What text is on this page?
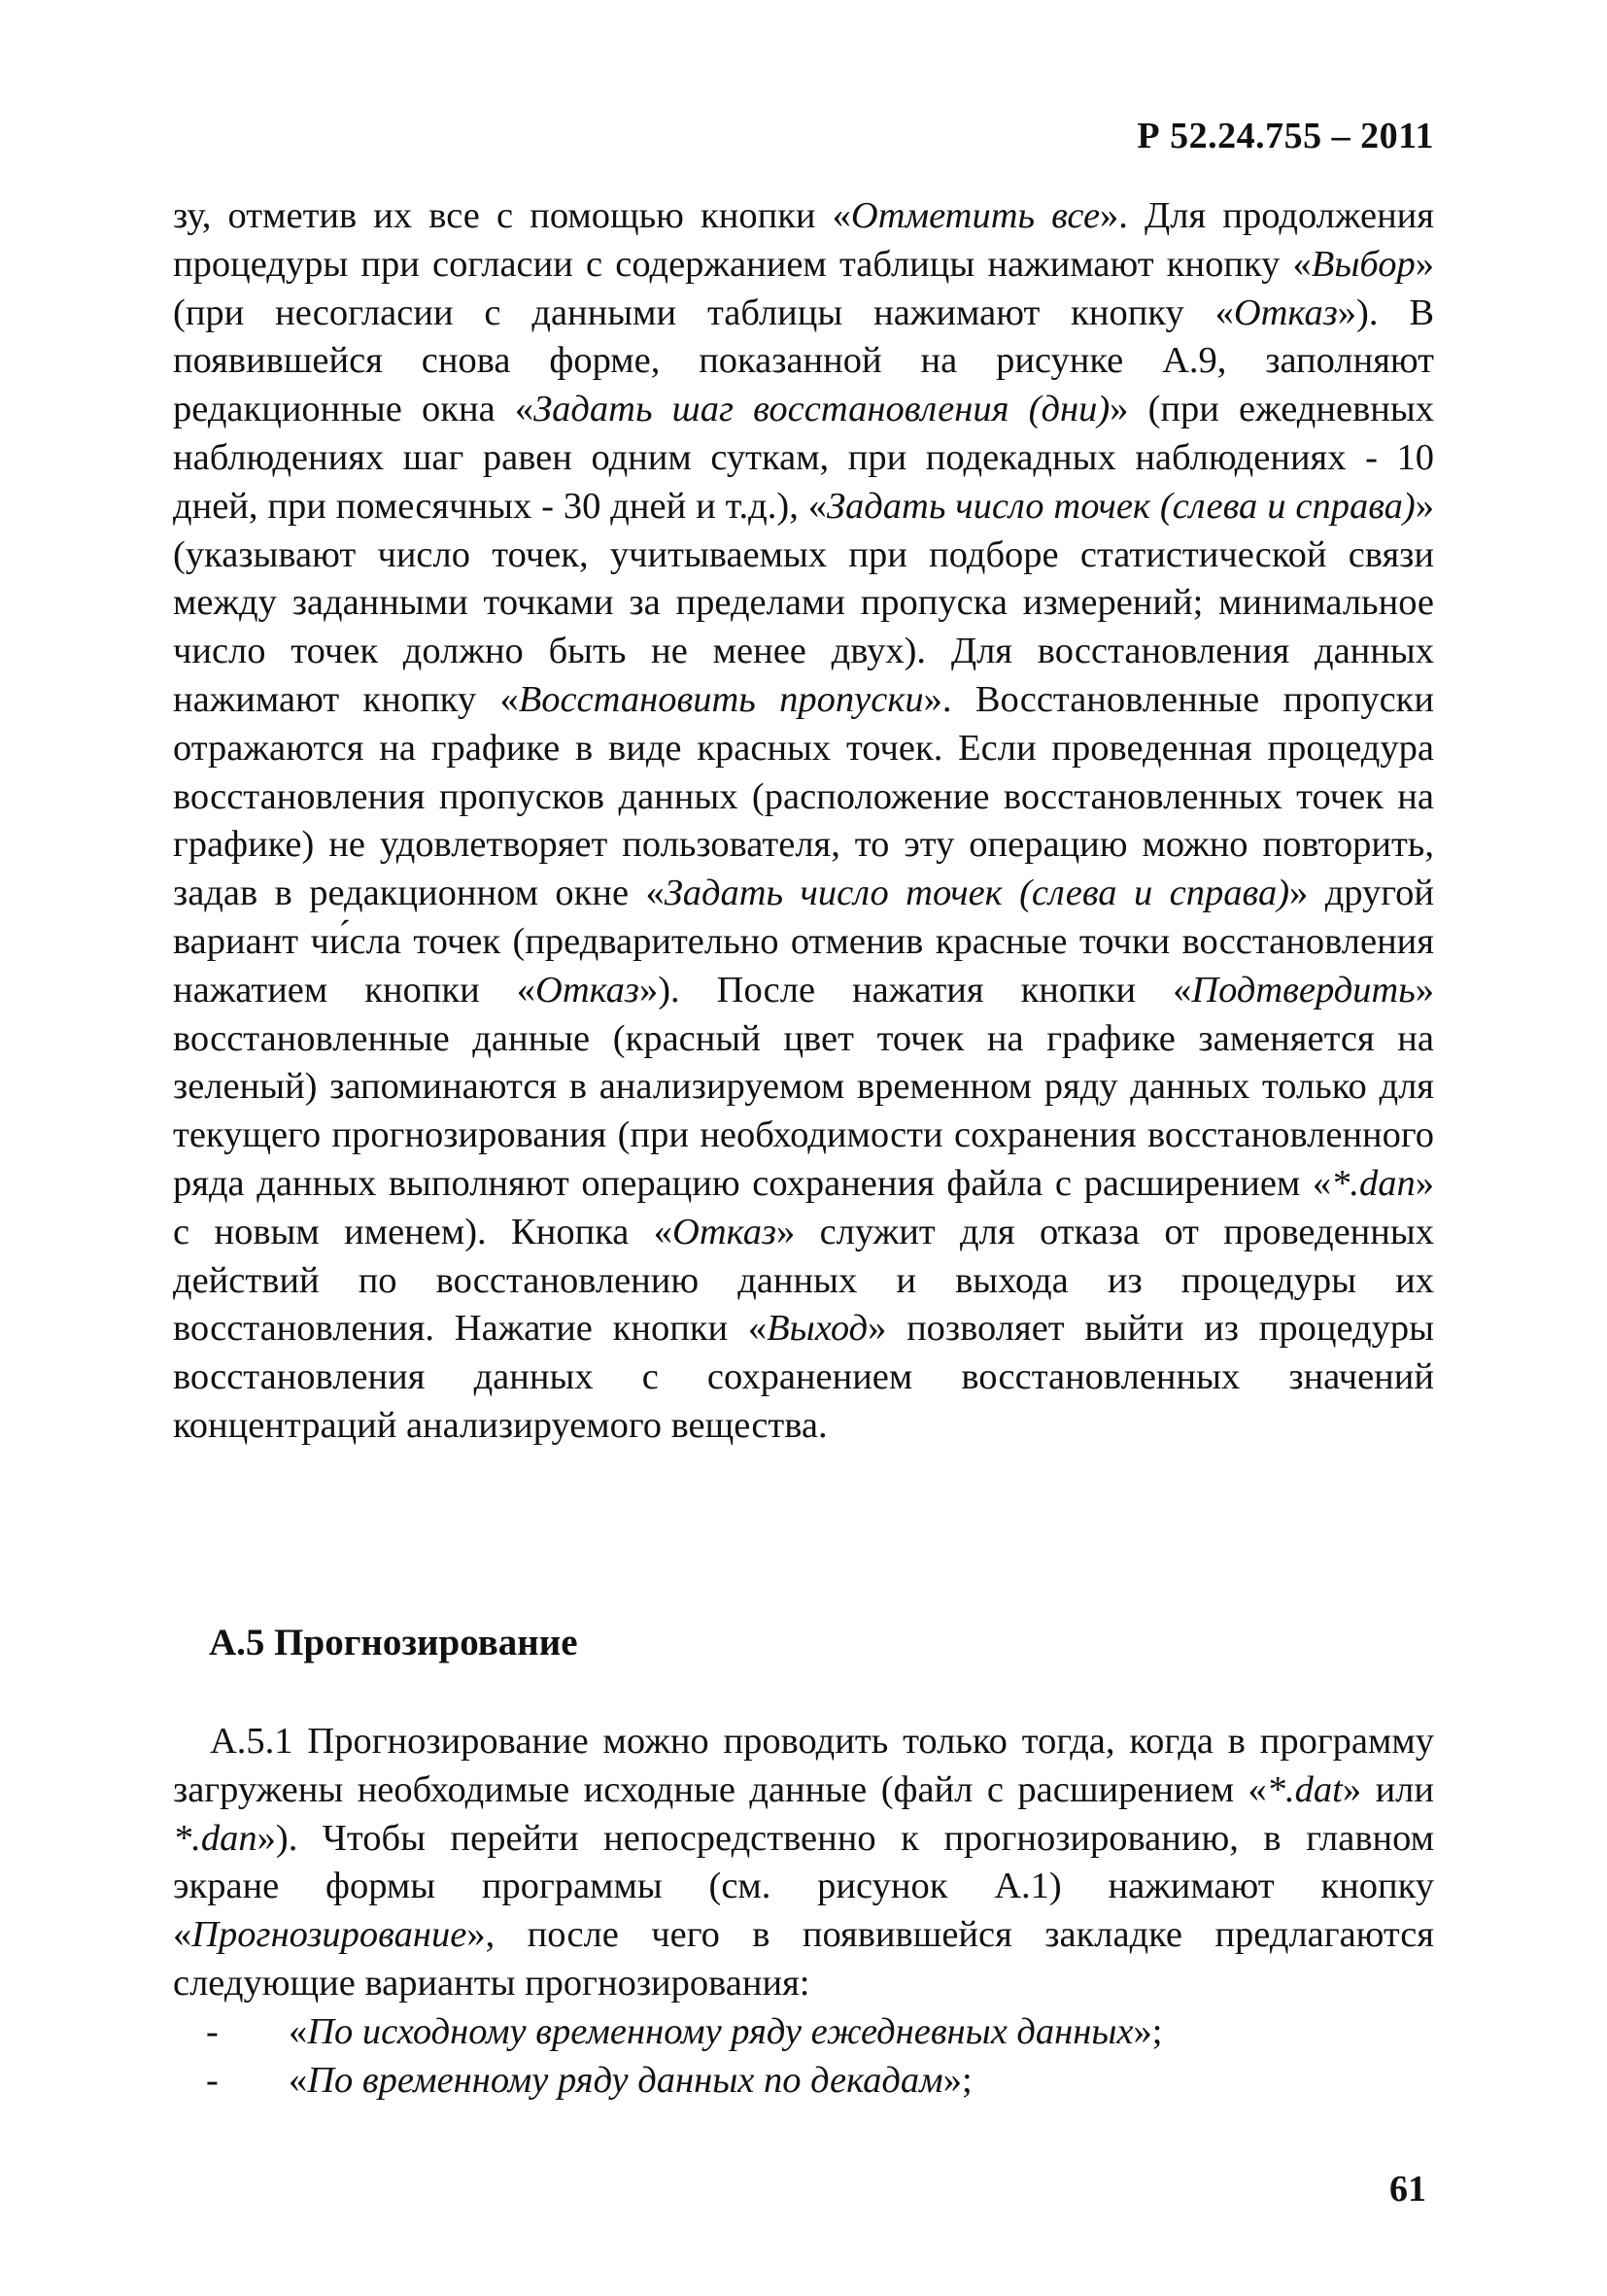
Р 52.24.755 – 2011

зу, отметив их все с помощью кнопки «Отметить все». Для продолжения процедуры при согласии с содержанием таблицы нажимают кнопку «Выбор» (при несогласии с данными таблицы нажимают кнопку «Отказ»). В появившейся снова форме, показанной на рисунке А.9, заполняют редакционные окна «Задать шаг восстановления (дни)» (при ежедневных наблюдениях шаг равен одним суткам, при подекадных наблюдениях - 10 дней, при помесячных - 30 дней и т.д.), «Задать число точек (слева и справа)» (указывают число точек, учитываемых при подборе статистической связи между заданными точками за пределами пропуска измерений; минимальное число точек должно быть не менее двух). Для восстановления данных нажимают кнопку «Восстановить пропуски». Восстановленные пропуски отражаются на графике в виде красных точек. Если проведенная процедура восстановления пропусков данных (расположение восстановленных точек на графике) не удовлетворяет пользователя, то эту операцию можно повторить, задав в редакционном окне «Задать число точек (слева и справа)» другой вариант чи́сла точек (предварительно отменив красные точки восстановления нажатием кнопки «Отказ»). После нажатия кнопки «Подтвердить» восстановленные данные (красный цвет точек на графике заменяется на зеленый) запоминаются в анализируемом временном ряду данных только для текущего прогнозирования (при необходимости сохранения восстановленного ряда данных выполняют операцию сохранения файла с расширением «*.dan» с новым именем). Кнопка «Отказ» служит для отказа от проведенных действий по восстановлению данных и выхода из процедуры их восстановления. Нажатие кнопки «Выход» позволяет выйти из процедуры восстановления данных с сохранением восстановленных значений концентраций анализируемого вещества.

А.5 Прогнозирование

А.5.1 Прогнозирование можно проводить только тогда, когда в программу загружены необходимые исходные данные (файл с расширением «*.dat» или *.dan»). Чтобы перейти непосредственно к прогнозированию, в главном экране формы программы (см. рисунок А.1) нажимают кнопку «Прогнозирование», после чего в появившейся закладке предлагаются следующие варианты прогнозирования:

-	«По исходному временному ряду ежедневных данных»;
-	«По временному ряду данных по декадам»;
61
